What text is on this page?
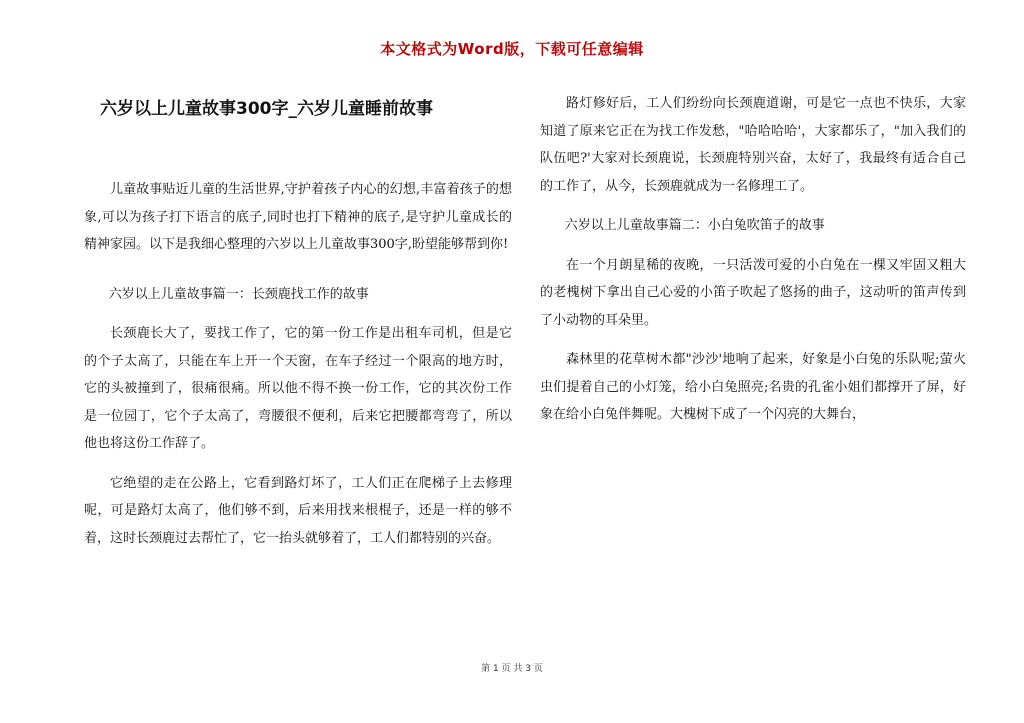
本文格式为Word版，下载可任意编辑
六岁以上儿童故事300字_六岁儿童睡前故事

儿童故事贴近儿童的生活世界,守护着孩子内心的幻想,丰富着孩子的想象,可以为孩子打下语言的底子,同时也打下精神的底子,是守护儿童成长的精神家园。以下是我细心整理的六岁以上儿童故事300字,盼望能够帮到你!

六岁以上儿童故事篇一：长颈鹿找工作的故事

长颈鹿长大了，要找工作了，它的第一份工作是出租车司机，但是它的个子太高了，只能在车上开一个天窗，在车子经过一个限高的地方时，它的头被撞到了，很痛很痛。所以他不得不换一份工作，它的其次份工作是一位园丁，它个子太高了，弯腰很不便利，后来它把腰都弯弯了，所以他也将这份工作辞了。

它绝望的走在公路上，它看到路灯坏了，工人们正在爬梯子上去修理呢，可是路灯太高了，他们够不到，后来用找来根棍子，还是一样的够不着，这时长颈鹿过去帮忙了，它一抬头就够着了，工人们都特别的兴奋。

路灯修好后，工人们纷纷向长颈鹿道谢，可是它一点也不快乐，大家知道了原来它正在为找工作发愁，"哈哈哈哈'，大家都乐了，"加入我们的队伍吧?'大家对长颈鹿说，长颈鹿特别兴奋，太好了，我最终有适合自己的工作了，从今，长颈鹿就成为一名修理工了。

六岁以上儿童故事篇二：小白兔吹笛子的故事

在一个月朗星稀的夜晚，一只活泼可爱的小白兔在一棵又牢固又粗大的老槐树下拿出自己心爱的小笛子吹起了悠扬的曲子，这动听的笛声传到了小动物的耳朵里。

森林里的花草树木都"沙沙'地响了起来，好象是小白兔的乐队呢;萤火虫们提着自己的小灯笼，给小白兔照亮;名贵的孔雀小姐们都撑开了屏，好象在给小白兔伴舞呢。大槐树下成了一个闪亮的大舞台，

第 1 页 共 3 页
